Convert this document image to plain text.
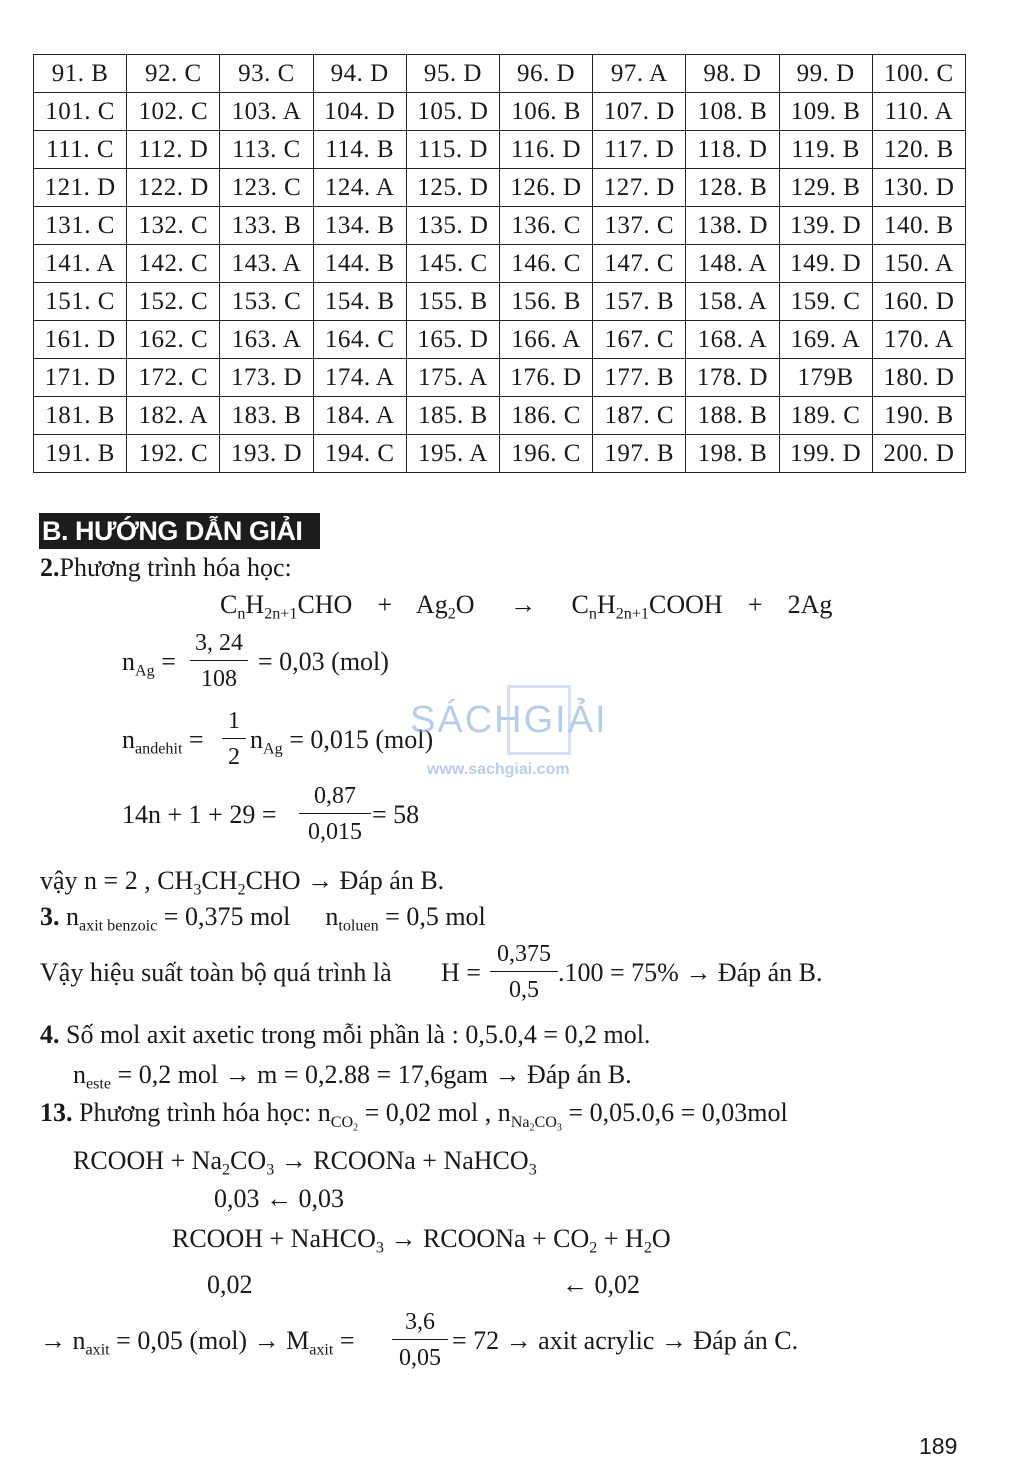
91. B	92. C	93. C	94. D	95. D	96. D	97. A	98. D	99. D	100. C
101. C	102. C	103. A	104. D	105. D	106. B	107. D	108. B	109. B	110. A
111. C	112. D	113. C	114. B	115. D	116. D	117. D	118. D	119. B	120. B
121. D	122. D	123. C	124. A	125. D	126. D	127. D	128. B	129. B	130. D
131. C	132. C	133. B	134. B	135. D	136. C	137. C	138. D	139. D	140. B
141. A	142. C	143. A	144. B	145. C	146. C	147. C	148. A	149. D	150. A
151. C	152. C	153. C	154. B	155. B	156. B	157. B	158. A	159. C	160. D
161. D	162. C	163. A	164. C	165. D	166. A	167. C	168. A	169. A	170. A
171. D	172. C	173. D	174. A	175. A	176. D	177. B	178. D	179B	180. D
181. B	182. A	183. B	184. A	185. B	186. C	187. C	188. B	189. C	190. B
191. B	192. C	193. D	194. C	195. A	196. C	197. B	198. B	199. D	200. D
B. HƯỚNG DẪN GIẢI
2.Phương trình hóa học:
$C_nH_{2n+1}CHO + Ag_2O$ → $C_nH_{2n+1}COOH + 2Ag$
$n_{Ag} = \frac{3, 24}{108} = 0,03$ (mol)
$n_{andehit} = \frac{1}{2} n_{Ag} = 0,015$ (mol)
$14n + 1 + 29 = \frac{0,87}{0,015} = 58$
vậy n = 2 , $CH_3CH_2CHO$ → Đáp án B.
3. $n_{axit benzoic} = 0,375$ mol $n_{toluen} = 0,5$ mol
Vậy hiệu suất toàn bộ quá trình là $H = \frac{0,375}{0,5} .100 = 75\%$ → Đáp án B.
4. Số mol axit axetic trong mỗi phần là : 0,5.0,4 = 0,2 mol.
$n_{este} = 0,2$ mol → m = 0,2.88 = 17,6gam → Đáp án B.
13. Phương trình hóa học: $n_{CO_2} = 0,02$ mol , $n_{Na_2CO_3} = 0,05.0,6 = 0,03mol$
RCOOH + $Na_2CO_3$ → RCOONa + NaHCO$_3$
0,03 ← 0,03
RCOOH + NaHCO$_3$ → RCOONa + $CO_2 + H_2O$
0,02	← 0,02
→ $n_{axit} = 0,05$ $(mol) \to M_{axit} = \frac{3,6}{0,05} = 72$ → axit acrylic → Đáp án C.
SÁCHGIẢI
www.sachgiai.com
189
